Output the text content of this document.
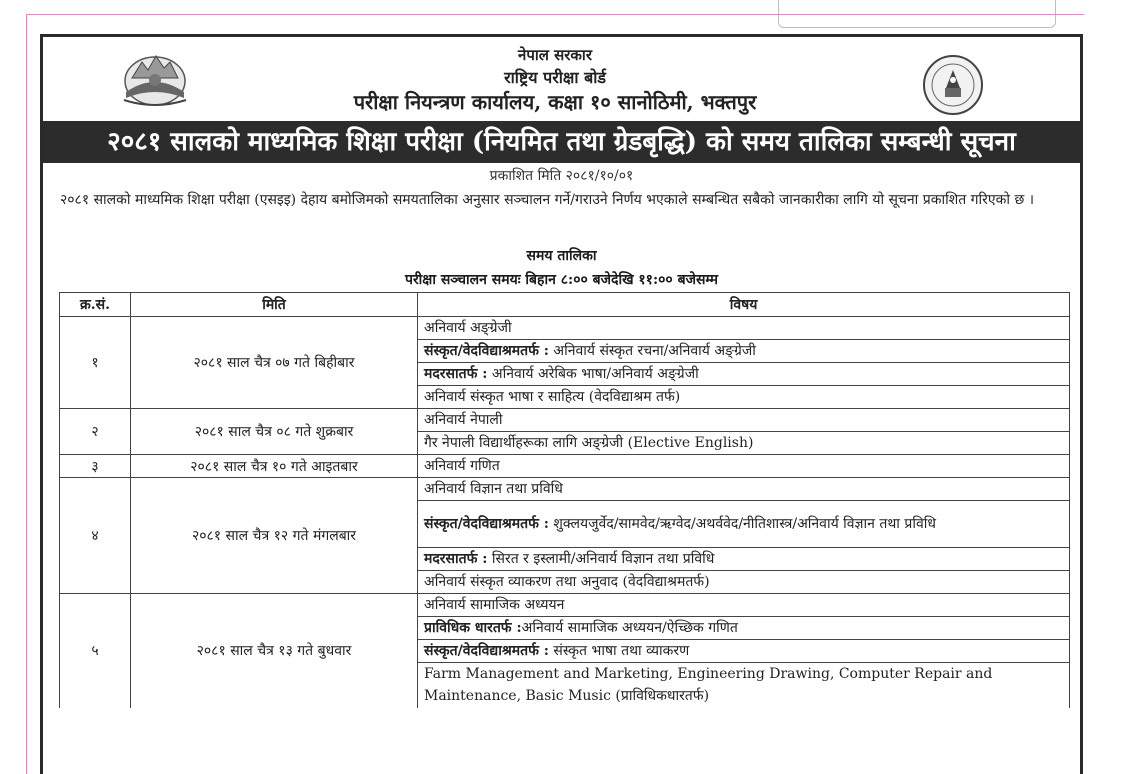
नेपाल सरकार
राष्ट्रिय परीक्षा बोर्ड
परीक्षा नियन्त्रण कार्यालय, कक्षा १० सानोठिमी, भक्तपुर
२०८१ सालको माध्यमिक शिक्षा परीक्षा (नियमित तथा ग्रेडबृद्धि) को समय तालिका सम्बन्धी सूचना
प्रकाशित मिति २०८१/१०/०१
२०८१ सालको माध्यमिक शिक्षा परीक्षा (एसइइ) देहाय बमोजिमको समयतालिका अनुसार सञ्चालन गर्ने/गराउने निर्णय भएकाले सम्बन्धित सबैको जानकारीका लागि यो सूचना प्रकाशित गरिएको छ ।
समय तालिका
परीक्षा सञ्चालन समयः बिहान ८:०० बजेदेखि ११:०० बजेसम्म
क्र.सं.	मिति	विषय
१	२०८१ साल चैत्र ०७ गते बिहीबार	अनिवार्य अङ्ग्रेजी
		संस्कृत/वेदविद्याश्रमतर्फ : अनिवार्य संस्कृत रचना/अनिवार्य अङ्ग्रेजी
		मदरसातर्फ : अनिवार्य अरेबिक भाषा/अनिवार्य अङ्ग्रेजी
		अनिवार्य संस्कृत भाषा र साहित्य (वेदविद्याश्रम तर्फ)
२	२०८१ साल चैत्र ०८ गते शुक्रबार	अनिवार्य नेपाली
		गैर नेपाली विद्यार्थीहरूका लागि अङ्ग्रेजी (Elective English)
३	२०८१ साल चैत्र १० गते आइतबार	अनिवार्य गणित
४	२०८१ साल चैत्र १२ गते मंगलबार	अनिवार्य विज्ञान तथा प्रविधि
		संस्कृत/वेदविद्याश्रमतर्फ : शुक्लयजुर्वेद/सामवेद/ऋग्वेद/अथर्ववेद/नीतिशास्त्र/अनिवार्य विज्ञान तथा प्रविधि
		मदरसातर्फ : सिरत र इस्लामी/अनिवार्य विज्ञान तथा प्रविधि
		अनिवार्य संस्कृत व्याकरण तथा अनुवाद (वेदविद्याश्रमतर्फ)
५	२०८१ साल चैत्र १३ गते बुधवार	अनिवार्य सामाजिक अध्ययन
		प्राविधिक धारतर्फ :अनिवार्य सामाजिक अध्ययन/ऐच्छिक गणित
		संस्कृत/वेदविद्याश्रमतर्फ : संस्कृत भाषा तथा व्याकरण
		Farm Management and Marketing, Engineering Drawing, Computer Repair and Maintenance, Basic Music (प्राविधिकधारतर्फ)
